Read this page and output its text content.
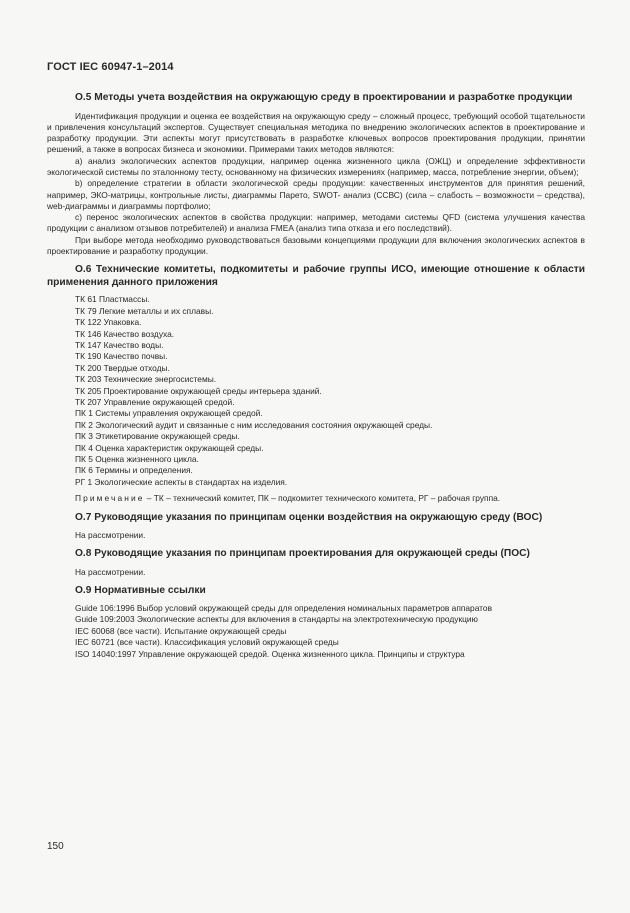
ГОСТ IEC 60947-1–2014

О.5 Методы учета воздействия на окружающую среду в проектировании и разработке продукции

Идентификация продукции и оценка ее воздействия на окружающую среду – сложный процесс, требующий особой тщательности и привлечения консультаций экспертов. Существует специальная методика по внедрению экологических аспектов в проектирование и разработку продукции. Эти аспекты могут присутствовать в разработке ключевых вопросов проектирования продукции, принятии решений, а также в вопросах бизнеса и экономики. Примерами таких методов являются:

a) анализ экологических аспектов продукции, например оценка жизненного цикла (ОЖЦ) и определение эффективности экологической системы по эталонному тесту, основанному на физических измерениях (например, масса, потребление энергии, объем);

b) определение стратегии в области экологической среды продукции: качественных инструментов для принятия решений, например, ЭКО-матрицы, контрольные листы, диаграммы Парето, SWOT- анализ (ССВС) (сила – слабость – возможности – средства), web-диаграммы и диаграммы портфолио;

c) перенос экологических аспектов в свойства продукции: например, методами системы QFD (система улучшения качества продукции с анализом отзывов потребителей) и анализа FMEA (анализ типа отказа и его последствий).

При выборе метода необходимо руководствоваться базовыми концепциями продукции для включения экологических аспектов в проектирование и разработку продукции.

О.6 Технические комитеты, подкомитеты и рабочие группы ИСО, имеющие отношение к области применения данного приложения

ТК 61 Пластмассы.

ТК 79 Легкие металлы и их сплавы.

ТК 122 Упаковка.

ТК 146 Качество воздуха.

ТК 147 Качество воды.

ТК 190 Качество почвы.

ТК 200 Твердые отходы.

ТК 203 Технические энергосистемы.

ТК 205 Проектирование окружающей среды интерьера зданий.

ТК 207 Управление окружающей средой.

ПК 1 Системы управления окружающей средой.

ПК 2 Экологический аудит и связанные с ним исследования состояния окружающей среды.

ПК 3 Этикетирование окружающей среды.

ПК 4 Оценка характеристик окружающей среды.

ПК 5 Оценка жизненного цикла.

ПК 6 Термины и определения.

РГ 1 Экологические аспекты в стандартах на изделия.

Примечание – ТК – технический комитет, ПК – подкомитет технического комитета, РГ – рабочая группа.

О.7 Руководящие указания по принципам оценки воздействия на окружающую среду (ВОС)

На рассмотрении.

О.8 Руководящие указания по принципам проектирования для окружающей среды (ПОС)

На рассмотрении.

О.9 Нормативные ссылки

Guide 106:1996 Выбор условий окружающей среды для определения номинальных параметров аппаратов

Guide 109:2003 Экологические аспекты для включения в стандарты на электротехническую продукцию

IEC 60068 (все части). Испытание окружающей среды

IEC 60721 (все части). Классификация условий окружающей среды

ISO 14040:1997 Управление окружающей средой. Оценка жизненного цикла. Принципы и структура

150
